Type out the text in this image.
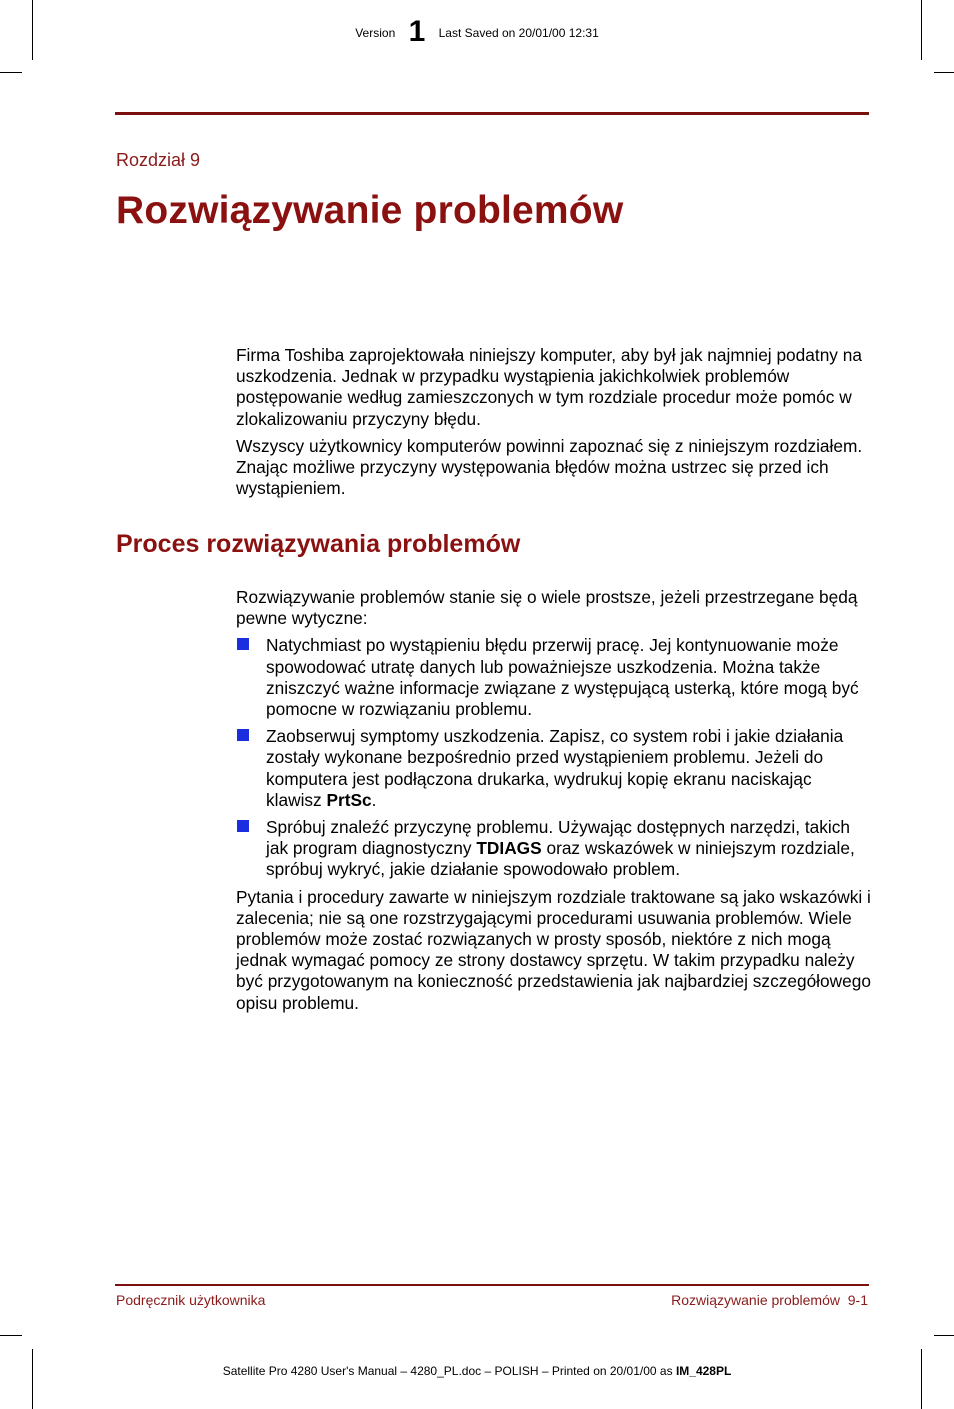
Version 1 Last Saved on 20/01/00 12:31
Rozdział 9
Rozwiązywanie problemów

Firma Toshiba zaprojektowała niniejszy komputer, aby był jak najmniej podatny na uszkodzenia. Jednak w przypadku wystąpienia jakichkolwiek problemów postępowanie według zamieszczonych w tym rozdziale procedur może pomóc w zlokalizowaniu przyczyny błędu.

Wszyscy użytkownicy komputerów powinni zapoznać się z niniejszym rozdziałem. Znając możliwe przyczyny występowania błędów można ustrzec się przed ich wystąpieniem.

Proces rozwiązywania problemów

Rozwiązywanie problemów stanie się o wiele prostsze, jeżeli przestrzegane będą pewne wytyczne:

Natychmiast po wystąpieniu błędu przerwij pracę. Jej kontynuowanie może spowodować utratę danych lub poważniejsze uszkodzenia. Można także zniszczyć ważne informacje związane z występującą usterką, które mogą być pomocne w rozwiązaniu problemu.
Zaobserwuj symptomy uszkodzenia. Zapisz, co system robi i jakie działania zostały wykonane bezpośrednio przed wystąpieniem problemu. Jeżeli do komputera jest podłączona drukarka, wydrukuj kopię ekranu naciskając klawisz PrtSc.
Spróbuj znaleźć przyczynę problemu. Używając dostępnych narzędzi, takich jak program diagnostyczny TDIAGS oraz wskazówek w niniejszym rozdziale, spróbuj wykryć, jakie działanie spowodowało problem.

Pytania i procedury zawarte w niniejszym rozdziale traktowane są jako wskazówki i zalecenia; nie są one rozstrzygającymi procedurami usuwania problemów. Wiele problemów może zostać rozwiązanych w prosty sposób, niektóre z nich mogą jednak wymagać pomocy ze strony dostawcy sprzętu. W takim przypadku należy być przygotowanym na konieczność przedstawienia jak najbardziej szczegółowego opisu problemu.

Podręcznik użytkownika	Rozwiązywanie problemów  9-1
Satellite Pro 4280 User's Manual – 4280_PL.doc – POLISH – Printed on 20/01/00 as IM_428PL
